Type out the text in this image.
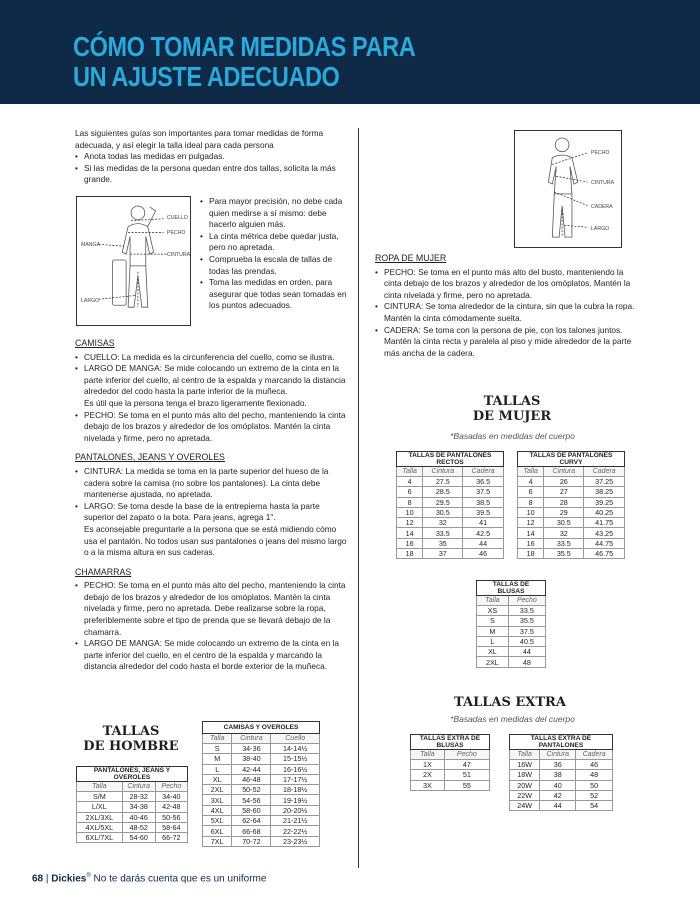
CÓMO TOMAR MEDIDAS PARA
UN AJUSTE ADECUADO

Las siguientes guías son importantes para tomar medidas de forma adecuada, y así elegir la talla ideal para cada persona

• Anota todas las medidas en pulgadas.
• Si las medidas de la persona quedan entre dos tallas, solicita la más grande.
CUELLO
PECHO
MANGA
CINTURA
LARGO
• Para mayor precisión, no debe cada quien medirse a sí mismo: debe hacerlo alguien más.
• La cinta métrica debe quedar justa, pero no apretada.
• Comprueba la escala de tallas de todas las prendas.
• Toma las medidas en orden, para asegurar que todas sean tomadas en los puntos adecuados.
CAMISAS
• CUELLO: La medida es la circunferencia del cuello, como se ilustra.
• LARGO DE MANGA: Se mide colocando un extremo de la cinta en la parte inferior del cuello, al centro de la espalda y marcando la distancia alrededor del codo hasta la parte inferior de la muñeca.
Es útil que la persona tenga el brazo ligeramente flexionado.
• PECHO: Se toma en el punto más alto del pecho, manteniendo la cinta debajo de los brazos y alrededor de los omóplatos. Mantén la cinta nivelada y firme, pero no apretada.
PANTALONES, JEANS Y OVEROLES
• CINTURA: La medida se toma en la parte superior del hueso de la cadera sobre la camisa (no sobre los pantalones). La cinta debe mantenerse ajustada, no apretada.
• LARGO: Se toma desde la base de la entrepierna hasta la parte superior del zapato o la bota. Para jeans, agrega 1".
Es aconsejable preguntarle a la persona que se está midiendo cómo usa el pantalón. No todos usan sus pantalones o jeans del mismo largo o a la misma altura en sus caderas.
CHAMARRAS
• PECHO: Se toma en el punto más alto del pecho, manteniendo la cinta debajo de los brazos y alrededor de los omóplatos. Mantén la cinta nivelada y firme, pero no apretada. Debe realizarse sobre la ropa, preferiblemente sobre el tipo de prenda que se llevará debajo de la chamarra.
• LARGO DE MANGA: Se mide colocando un extremo de la cinta en la parte inferior del cuello, en el centro de la espalda y marcando la distancia alrededor del codo hasta el borde exterior de la muñeca.
TALLAS
DE HOMBRE
PANTALONES, JEANS Y OVEROLES		
Talla	Cintura	Pecho
S/M	28-32	34-40
L/XL	34-38	42-48
2XL/3XL	40-46	50-56
4XL/5XL	48-52	58-64
6XL/7XL	54-60	66-72
CAMISAS Y OVEROLES		
Talla	Cintura	Cuello
S	34-36	14-14½
M	38-40	15-15½
L	42-44	16-16½
XL	46-48	17-17½
2XL	50-52	18-18½
3XL	54-56	19-19½
4XL	58-60	20-20½
5XL	62-64	21-21½
6XL	66-68	22-22½
7XL	70-72	23-23½
PECHO
CINTURA
CADERA
LARGO
ROPA DE MUJER
• PECHO: Se toma en el punto más alto del busto, manteniendo la cinta debajo de los brazos y alrededor de los omóplatos. Mantén la cinta nivelada y firme, pero no apretada.
• CINTURA: Se toma alrededor de la cintura, sin que la cubra la ropa. Mantén la cinta cómodamente suelta.
• CADERA: Se toma con la persona de pie, con los talones juntos. Mantén la cinta recta y paralela al piso y mide alrededor de la parte más ancha de la cadera.
TALLAS
DE MUJER
*Basadas en medidas del cuerpo
TALLAS DE PANTALONES RECTOS		
Talla	Cintura	Cadera
4	27.5	36.5
6	28.5	37.5
8	29.5	38.5
10	30.5	39.5
12	32	41
14	33.5	42.5
16	35	44
18	37	46
TALLAS DE PANTALONES CURVY		
Talla	Cintura	Cadera
4	26	37.25
6	27	38.25
8	28	39.25
10	29	40.25
12	30.5	41.75
14	32	43.25
16	33.5	44.75
18	35.5	46.75
TALLAS DE BLUSAS	
Talla	Pecho
XS	33.5
S	35.5
M	37.5
L	40.5
XL	44
2XL	48
TALLAS EXTRA
*Basadas en medidas del cuerpo
TALLAS EXTRA DE BLUSAS	
Talla	Pecho
1X	47
2X	51
3X	55
TALLAS EXTRA DE PANTALONES		
Talla	Cintura	Cadera
16W	36	46
18W	38	48
20W	40	50
22W	42	52
24W	44	54
68 | Dickies® No te darás cuenta que es un uniforme
